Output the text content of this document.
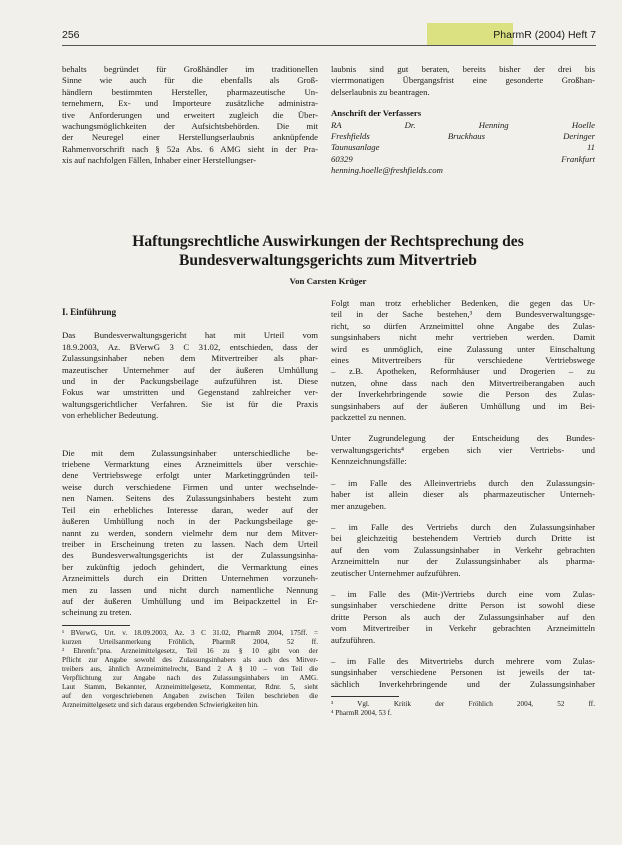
256	PharmR (2004) Heft 7

behalts begründet für Großhändler im traditionellen

Sinne wie auch für die ebenfalls als Groß-

händlern bestimmten Hersteller, pharmazeutische Un-

ternehmern, Ex- und Importeure zusätzliche administra-

tive Anforderungen und erweitert zugleich die Über-

wachungsmöglichkeiten der Aufsichtsbehörden. Die mit

der Neuregel einer Herstellungserlaubnis anknüpfende

Rahmenvorschrift nach § 52a Abs. 6 AMG sieht in der Pra-

xis auf nachfolgen Fällen, Inhaber einer Herstellungser-

laubnis sind gut beraten, bereits bisher der drei bis

vierrmonatigen Übergangsfrist eine gesonderte Großhan-

delserlaubnis zu beantragen.

Anschrift der Verfassers

RA Dr. Henning Hoelle

Freshfields Bruckhaus Deringer

Taunusanlage 11

60329 Frankfurt

henning.hoelle@freshfields.com

Haftungsrechtliche Auswirkungen der Rechtsprechung des
Bundesverwaltungsgerichts zum Mitvertrieb
Von Carsten Krüger

I. Einführung

Das Bundesverwaltungsgericht hat mit Urteil vom

18.9.2003, Az. BVerwG 3 C 31.02, entschieden, dass der

Zulassungsinhaber neben dem Mitvertreiber als phar-

mazeutischer Unternehmer auf der äußeren Umhüllung

und in der Packungsbeilage aufzuführen ist. Diese

Fokus war umstritten und Gegenstand zahlreicher ver-

waltungsgerichtlicher Verfahren. Sie ist für die Praxis

von erheblicher Bedeutung.

Die mit dem Zulassungsinhaber unterschiedliche be-

triebene Vermarktung eines Arzneimittels über verschie-

dene Vertriebswege erfolgt unter Marketinggründen teil-

weise durch verschiedene Firmen und unter wechselnde-

nen Namen. Seitens des Zulassungsinhabers besteht zum

Teil ein erhebliches Interesse daran, weder auf der

äußeren Umhüllung noch in der Packungsbeilage ge-

nannt zu werden, sondern vielmehr dem nur dem Mitver-

treiber in Erscheinung treten zu lassen. Nach dem Urteil

des Bundesverwaltungsgerichts ist der Zulassungsinha-

ber zukünftig jedoch gehindert, die Vermarktung eines

Arzneimittels durch ein Dritten Unternehmen vorzuneh-

men zu lassen und nicht durch namentliche Nennung

auf der äußeren Umhüllung und im Beipackzettel in Er-

scheinung zu treten.

¹ BVerwG, Urt. v. 18.09.2003, Az. 3 C 31.02, PharmR 2004, 175ff. =

kurzen Urteilsanmerkung Fröhlich, PharmR 2004, 52 ff.

² Ehrenfr."pna. Arzneimittelgesetz, Teil 16 zu § 10 gibt von der

Pflicht zur Angabe sowohl des Zulassungsinhabers als auch des Mitver-

treibers aus, ähnlich Arzneimittelrecht, Band 2 A § 10 – von Teil die

Verpflichtung zur Angabe nach des Zulassungsinhabers im AMG.

Laut Stamm, Bekannter, Arzneimittelgesetz, Kommentar, Rdnr. 5, sieht

auf den vorgeschriebenen Angaben zwischen Teilen beschrieben die

Arzneimittelgesetz und sich daraus ergebenden Schwierigkeiten hin.

Folgt man trotz erheblicher Bedenken, die gegen das Ur-

teil in der Sache bestehen,³ dem Bundesverwaltungsge-

richt, so dürfen Arzneimittel ohne Angabe des Zulas-

sungsinhabers nicht mehr vertrieben werden. Damit

wird es unmöglich, eine Zulassung unter Einschaltung

eines Mitvertreibers für verschiedene Vertriebswege

– z.B. Apotheken, Reformhäuser und Drogerien – zu

nutzen, ohne dass nach den Mitvertreiberangaben auch

der Inverkehrbringende sowie die Person des Zulas-

sungsinhabers auf der äußeren Umhüllung und im Bei-

packzettel zu nennen.

Unter Zugrundelegung der Entscheidung des Bundes-

verwaltungsgerichts⁴ ergeben sich vier Vertriebs- und

Kennzeichnungsfälle:

– im Falle des Alleinvertriebs durch den Zulassungsin-

haber ist allein dieser als pharmazeutischer Unterneh-

mer anzugeben.

– im Falle des Vertriebs durch den Zulassungsinhaber

bei gleichzeitig bestehendem Vertrieb durch Dritte ist

auf den vom Zulassungsinhaber in Verkehr gebrachten

Arzneimitteln nur der Zulassungsinhaber als pharma-

zeutischer Unternehmer aufzuführen.

– im Falle des (Mit-)Vertriebs durch eine vom Zulas-

sungsinhaber verschiedene dritte Person ist sowohl diese

dritte Person als auch der Zulassungsinhaber auf den

vom Mitvertreiber in Verkehr gebrachten Arzneimitteln

aufzuführen.

– im Falle des Mitvertriebs durch mehrere vom Zulas-

sungsinhaber verschiedene Personen ist jeweils der tat-

sächlich Inverkehrbringende und der Zulassungsinhaber

³ Vgl. Kritik der Fröhlich 2004, 52 ff.

⁴ PharmR 2004, 53 f.
